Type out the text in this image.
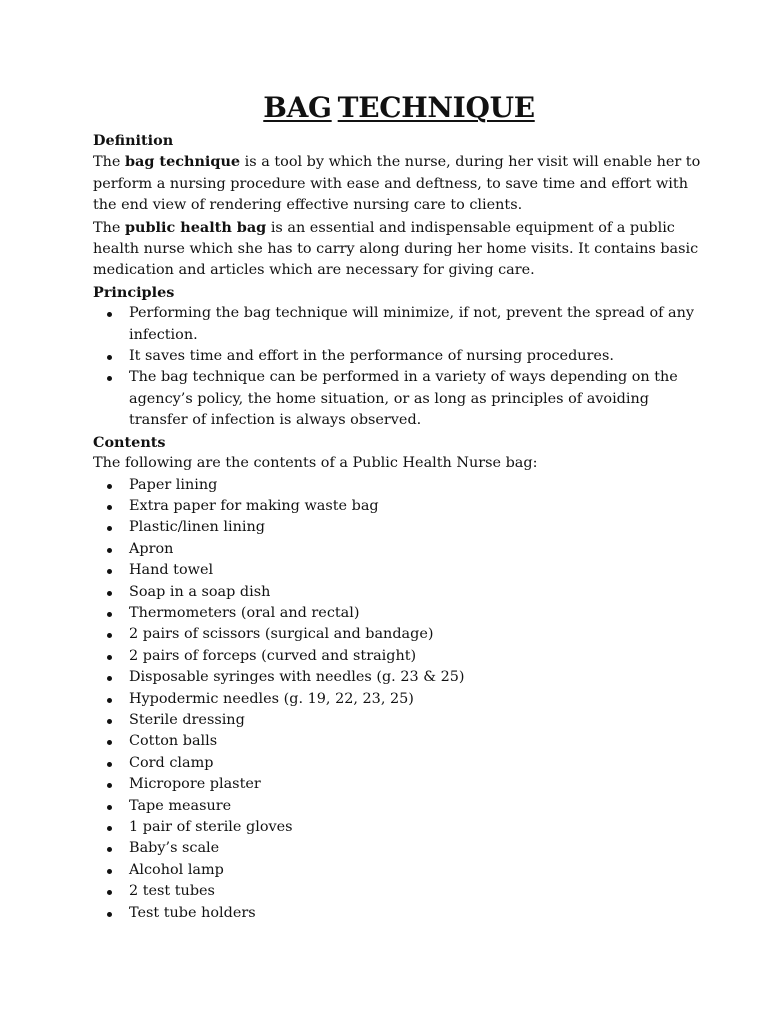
BAG TECHNIQUE

Definition

The bag technique is a tool by which the nurse, during her visit will enable her to perform a nursing procedure with ease and deftness, to save time and effort with the end view of rendering effective nursing care to clients.

The public health bag is an essential and indispensable equipment of a public health nurse which she has to carry along during her home visits. It contains basic medication and articles which are necessary for giving care.

Principles

Performing the bag technique will minimize, if not, prevent the spread of any infection.
It saves time and effort in the performance of nursing procedures.
The bag technique can be performed in a variety of ways depending on the agency’s policy, the home situation, or as long as principles of avoiding transfer of infection is always observed.

Contents

The following are the contents of a Public Health Nurse bag:

Paper lining
Extra paper for making waste bag
Plastic/linen lining
Apron
Hand towel
Soap in a soap dish
Thermometers (oral and rectal)
2 pairs of scissors (surgical and bandage)
2 pairs of forceps (curved and straight)
Disposable syringes with needles (g. 23 & 25)
Hypodermic needles (g. 19, 22, 23, 25)
Sterile dressing
Cotton balls
Cord clamp
Micropore plaster
Tape measure
1 pair of sterile gloves
Baby’s scale
Alcohol lamp
2 test tubes
Test tube holders
